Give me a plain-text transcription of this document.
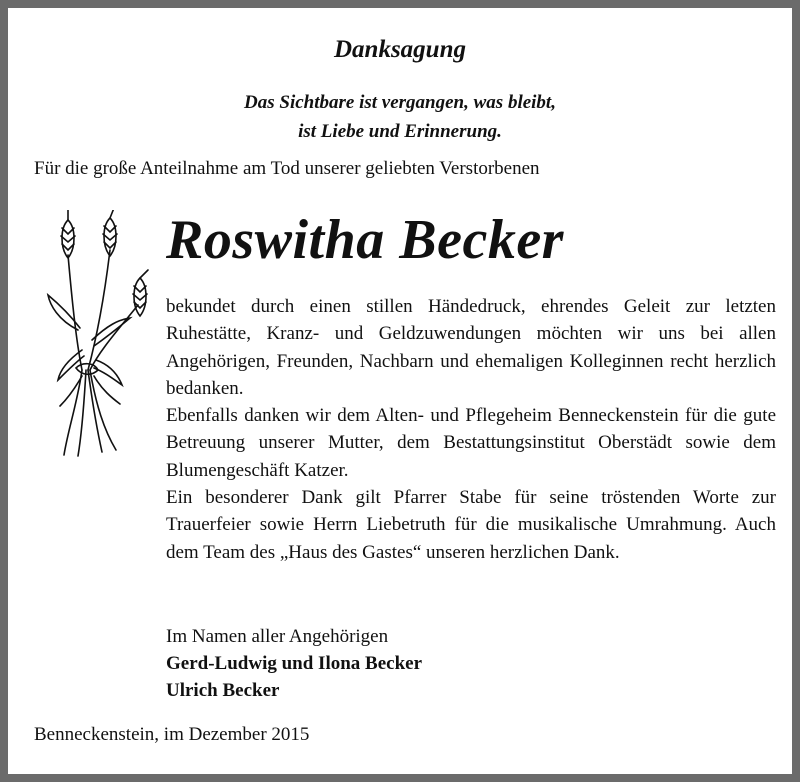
Danksagung
Das Sichtbare ist vergangen, was bleibt,
ist Liebe und Erinnerung.
Für die große Anteilnahme am Tod unserer geliebten Verstorbenen
Roswitha Becker

bekundet durch einen stillen Händedruck, ehrendes Geleit zur letzten Ruhestätte, Kranz- und Geldzuwendungen möchten wir uns bei allen Angehörigen, Freunden, Nachbarn und ehemaligen Kolleginnen recht herzlich bedanken.

Ebenfalls danken wir dem Alten- und Pflegeheim Benneckenstein für die gute Betreuung unserer Mutter, dem Bestattungsinstitut Oberstädt sowie dem Blumengeschäft Katzer.

Ein besonderer Dank gilt Pfarrer Stabe für seine tröstenden Worte zur Trauerfeier sowie Herrn Liebetruth für die musikalische Umrahmung. Auch dem Team des „Haus des Gastes“ unseren herzlichen Dank.

Im Namen aller Angehörigen
Gerd-Ludwig und Ilona Becker
Ulrich Becker
Benneckenstein, im Dezember 2015
